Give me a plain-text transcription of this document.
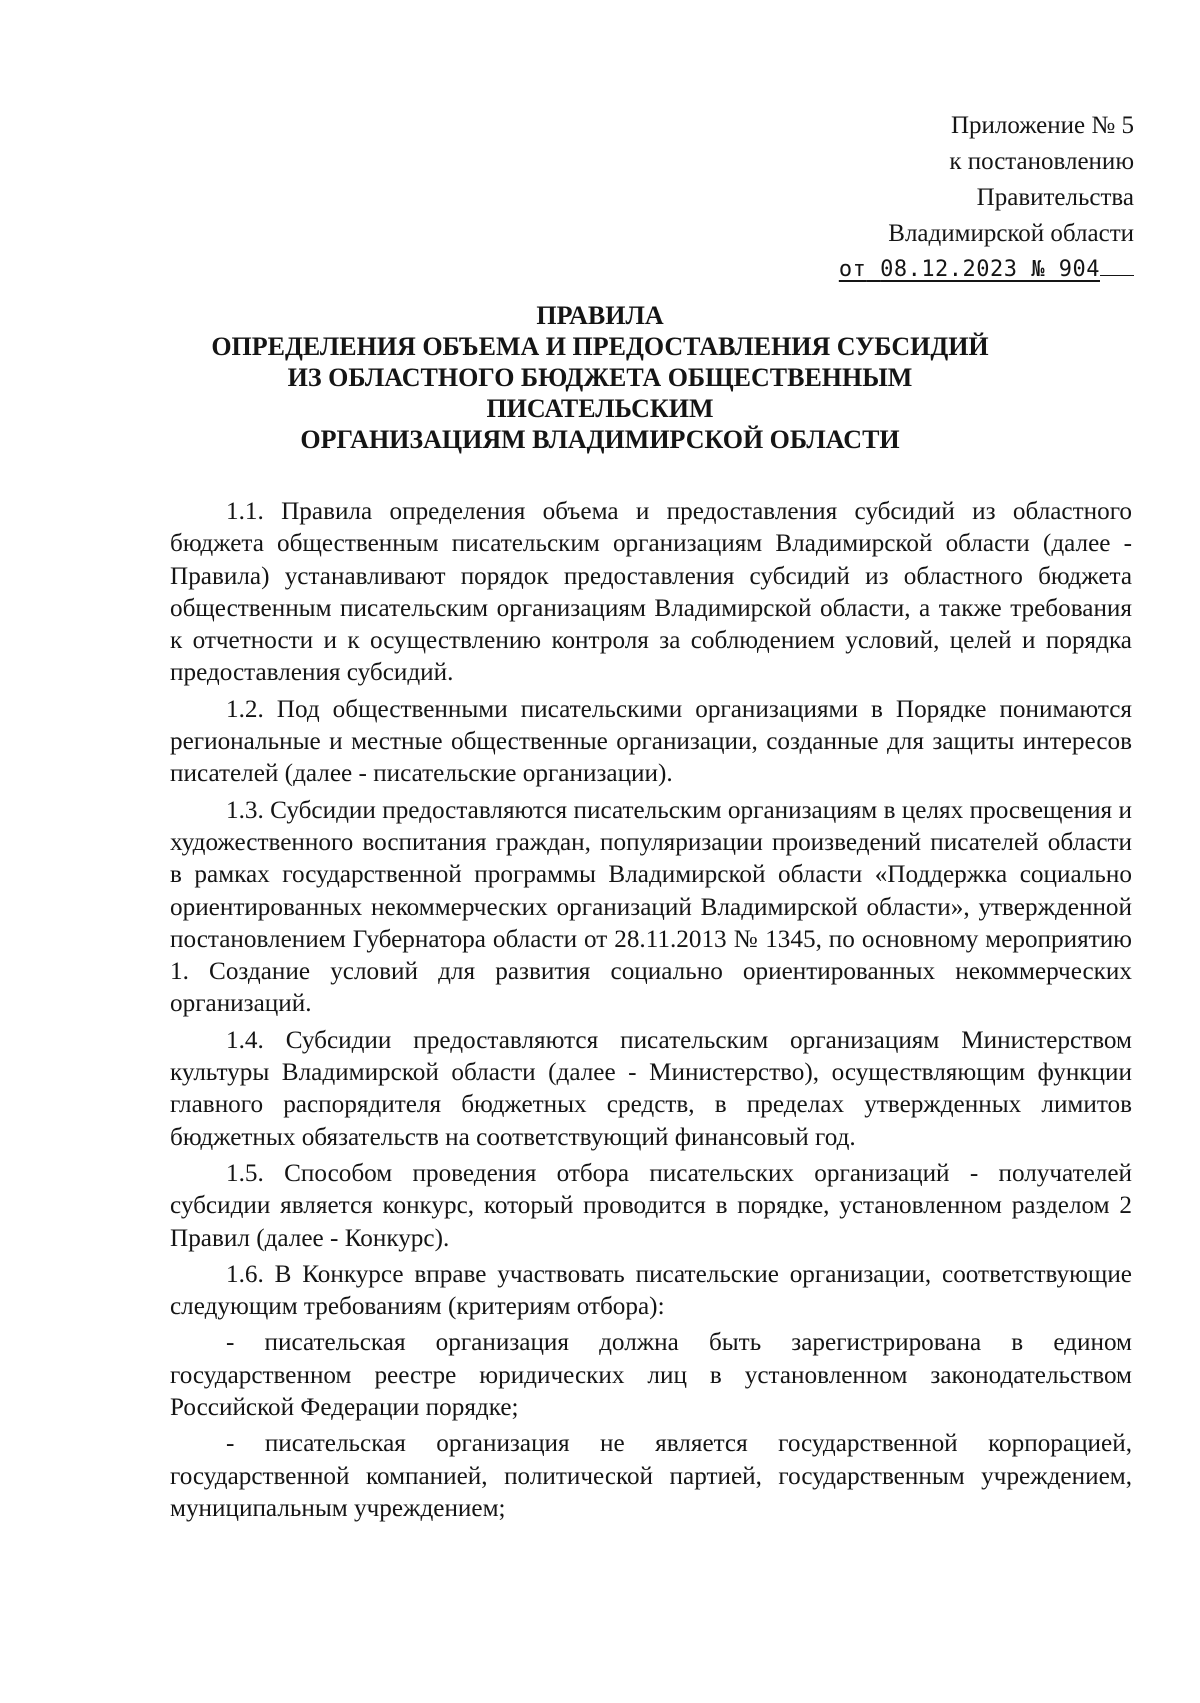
Приложение № 5
к постановлению
Правительства
Владимирской области
от 08.12.2023 № 904
ПРАВИЛА
ОПРЕДЕЛЕНИЯ ОБЪЕМА И ПРЕДОСТАВЛЕНИЯ СУБСИДИЙ
ИЗ ОБЛАСТНОГО БЮДЖЕТА ОБЩЕСТВЕННЫМ
ПИСАТЕЛЬСКИМ
ОРГАНИЗАЦИЯМ ВЛАДИМИРСКОЙ ОБЛАСТИ

1.1. Правила определения объема и предоставления субсидий из областного бюджета общественным писательским организациям Владимирской области (далее - Правила) устанавливают порядок предоставления субсидий из областного бюджета общественным писательским организациям Владимирской области, а также требования к отчетности и к осуществлению контроля за соблюдением условий, целей и порядка предоставления субсидий.

1.2. Под общественными писательскими организациями в Порядке понимаются региональные и местные общественные организации, созданные для защиты интересов писателей (далее - писательские организации).

1.3. Субсидии предоставляются писательским организациям в целях просвещения и художественного воспитания граждан, популяризации произведений писателей области в рамках государственной программы Владимирской области «Поддержка социально ориентированных некоммерческих организаций Владимирской области», утвержденной постановлением Губернатора области от 28.11.2013 № 1345, по основному мероприятию 1. Создание условий для развития социально ориентированных некоммерческих организаций.

1.4. Субсидии предоставляются писательским организациям Министерством культуры Владимирской области (далее - Министерство), осуществляющим функции главного распорядителя бюджетных средств, в пределах утвержденных лимитов бюджетных обязательств на соответствующий финансовый год.

1.5. Способом проведения отбора писательских организаций - получателей субсидии является конкурс, который проводится в порядке, установленном разделом 2 Правил (далее - Конкурс).

1.6. В Конкурсе вправе участвовать писательские организации, соответствующие следующим требованиям (критериям отбора):

- писательская организация должна быть зарегистрирована в едином государственном реестре юридических лиц в установленном законодательством Российской Федерации порядке;

- писательская организация не является государственной корпорацией, государственной компанией, политической партией, государственным учреждением, муниципальным учреждением;
